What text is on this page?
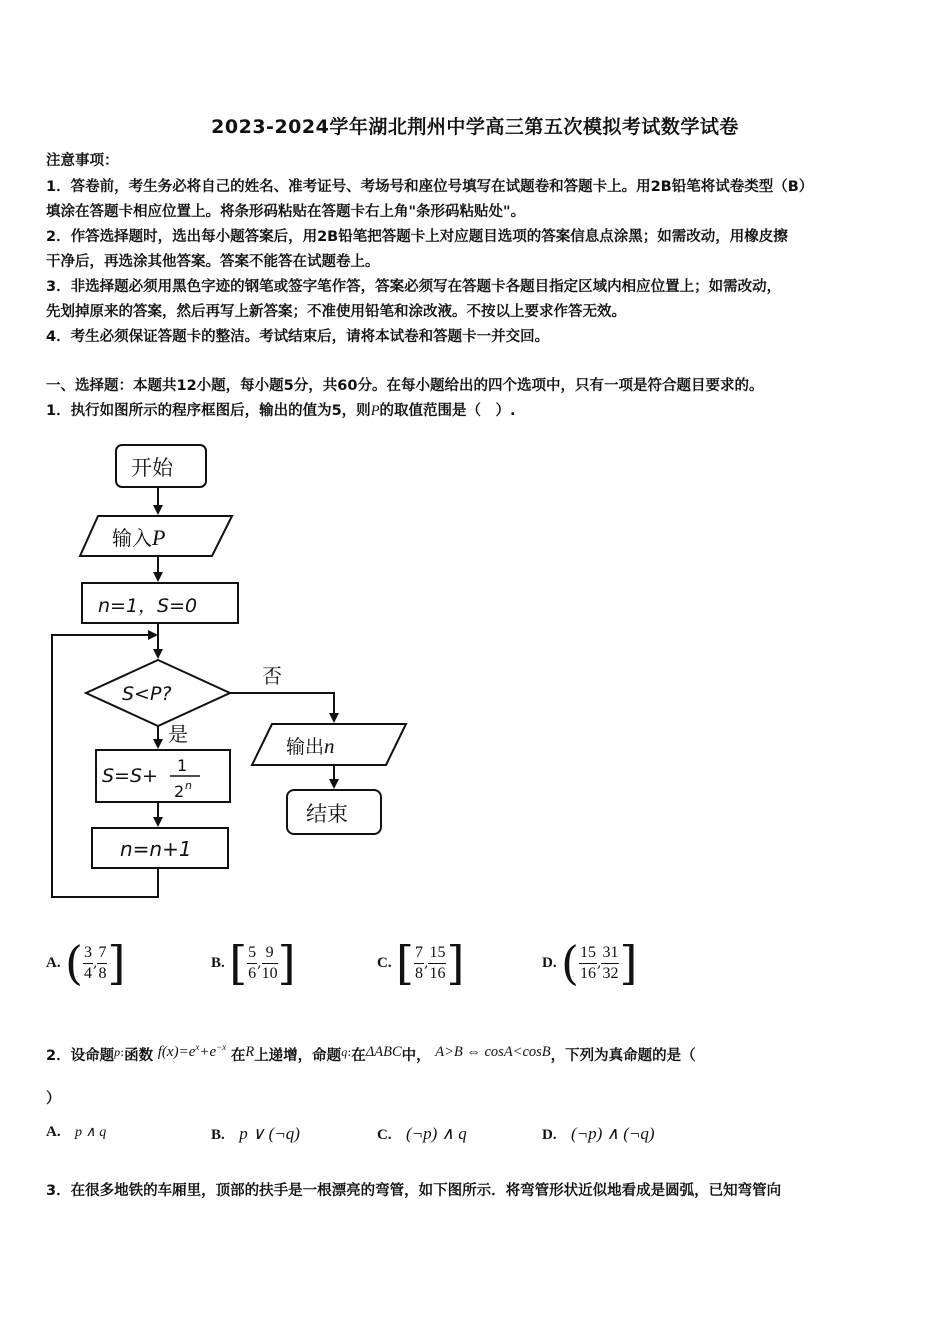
2023-2024学年湖北荆州中学高三第五次模拟考试数学试卷
注意事项：
1．答卷前，考生务必将自己的姓名、准考证号、考场号和座位号填写在试题卷和答题卡上。用2B铅笔将试卷类型（B）
填涂在答题卡相应位置上。将条形码粘贴在答题卡右上角"条形码粘贴处"。
2．作答选择题时，选出每小题答案后，用2B铅笔把答题卡上对应题目选项的答案信息点涂黑；如需改动，用橡皮擦
干净后，再选涂其他答案。答案不能答在试题卷上。
3．非选择题必须用黑色字迹的钢笔或签字笔作答，答案必须写在答题卡各题目指定区域内相应位置上；如需改动，
先划掉原来的答案，然后再写上新答案；不准使用铅笔和涂改液。不按以上要求作答无效。
4．考生必须保证答题卡的整洁。考试结束后，请将本试卷和答题卡一并交回。
一、选择题：本题共12小题，每小题5分，共60分。在每小题给出的四个选项中，只有一项是符合题目要求的。
1．执行如图所示的程序框图后，输出的值为5，则P的取值范围是（　）.
开始
输入P
n=1，S=0
S<P?
否
是
S=S+ 1
2 n
n=n+1
输出n
结束
A. ( $\frac{3}{4}$ , $\frac{7}{8}$ ]	B. [ $\frac{5}{6}$ , $\frac{9}{10}$ ]	C. [ $\frac{7}{8}$ , $\frac{15}{16}$ ]	D. ( $\frac{15}{16}$ , $\frac{31}{32}$ ]
2．设命题$^{p:}$函数 $f(x)=e^x+e^{-x}$ 在R上递增，命题$^{q:}$在ΔABC中， A>B ⇔ cosA<cosB，下列为真命题的是（
）
A. p ∧ q	B. p ∨ (¬q)	C. (¬p) ∧ q	D. (¬p) ∧ (¬q)
3．在很多地铁的车厢里，顶部的扶手是一根漂亮的弯管，如下图所示．将弯管形状近似地看成是圆弧，已知弯管向
